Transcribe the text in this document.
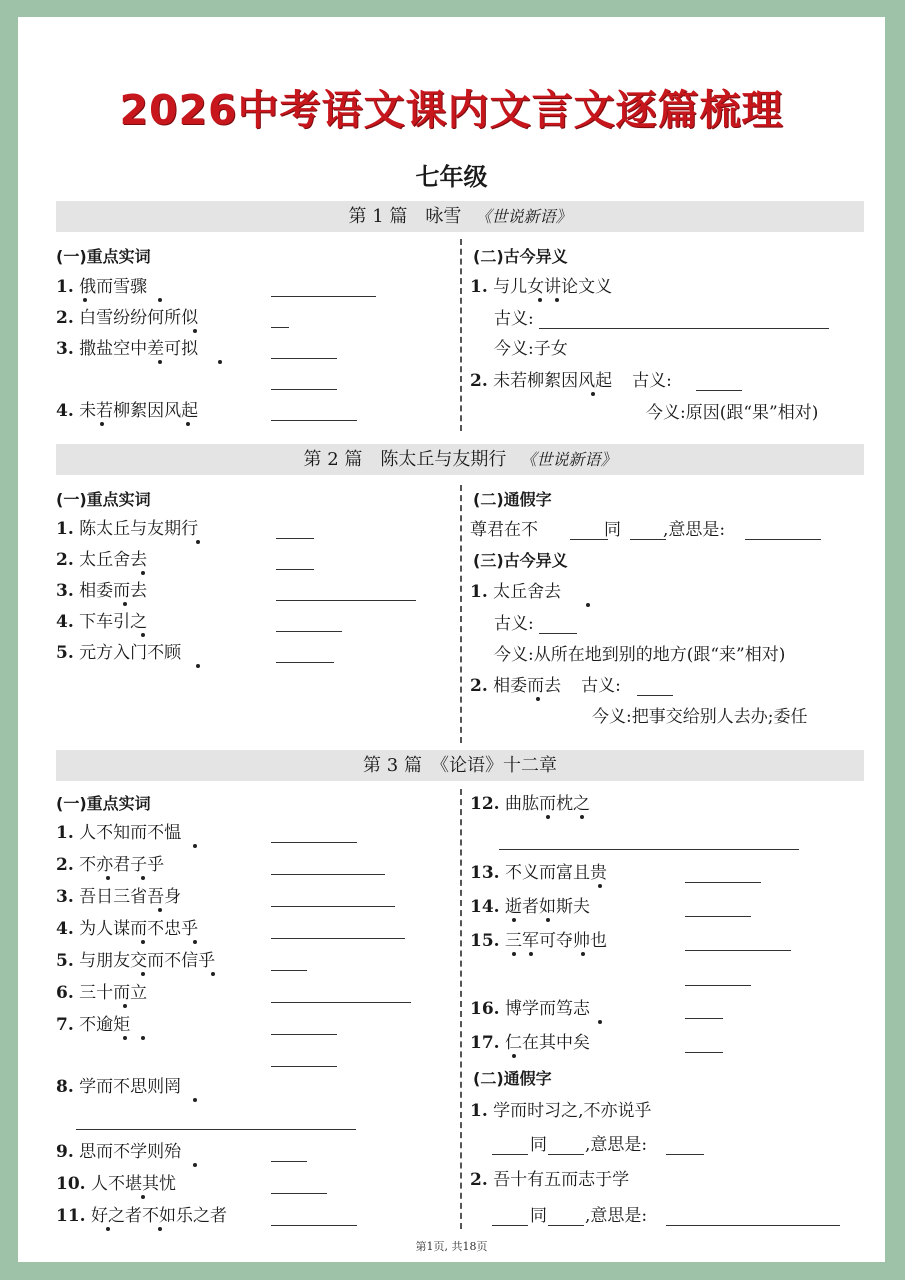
2026中考语文课内文言文逐篇梳理
七年级
第 1 篇　咏雪 《世说新语》
(一)重点实词
1. 俄而雪骤
2. 白雪纷纷何所似
3. 撒盐空中差可拟
4. 未若柳絮因风起
(二)古今异义
1. 与儿女讲论文义
古义:
今义:子女
2. 未若柳絮因风起 古义:
今义:原因(跟“果”相对)
第 2 篇　陈太丘与友期行 《世说新语》
(一)重点实词
1. 陈太丘与友期行
2. 太丘舍去
3. 相委而去
4. 下车引之
5. 元方入门不顾
(二)通假字
尊君在不	同 ,意思是:
(三)古今异义
1. 太丘舍去
古义:
今义:从所在地到别的地方(跟“来”相对)
2. 相委而去 古义:
今义:把事交给别人去办;委任
第 3 篇　《论语》十二章
(一)重点实词
1. 人不知而不愠
2. 不亦君子乎
3. 吾日三省吾身
4. 为人谋而不忠乎
5. 与朋友交而不信乎
6. 三十而立
7. 不逾矩
8. 学而不思则罔
9. 思而不学则殆
10. 人不堪其忧
11. 好之者不如乐之者
12. 曲肱而枕之
13. 不义而富且贵
14. 逝者如斯夫
15. 三军可夺帅也
16. 博学而笃志
17. 仁在其中矣
(二)通假字
1. 学而时习之,不亦说乎
同 ,意思是:
2. 吾十有五而志于学
同 ,意思是:
第1页, 共18页
